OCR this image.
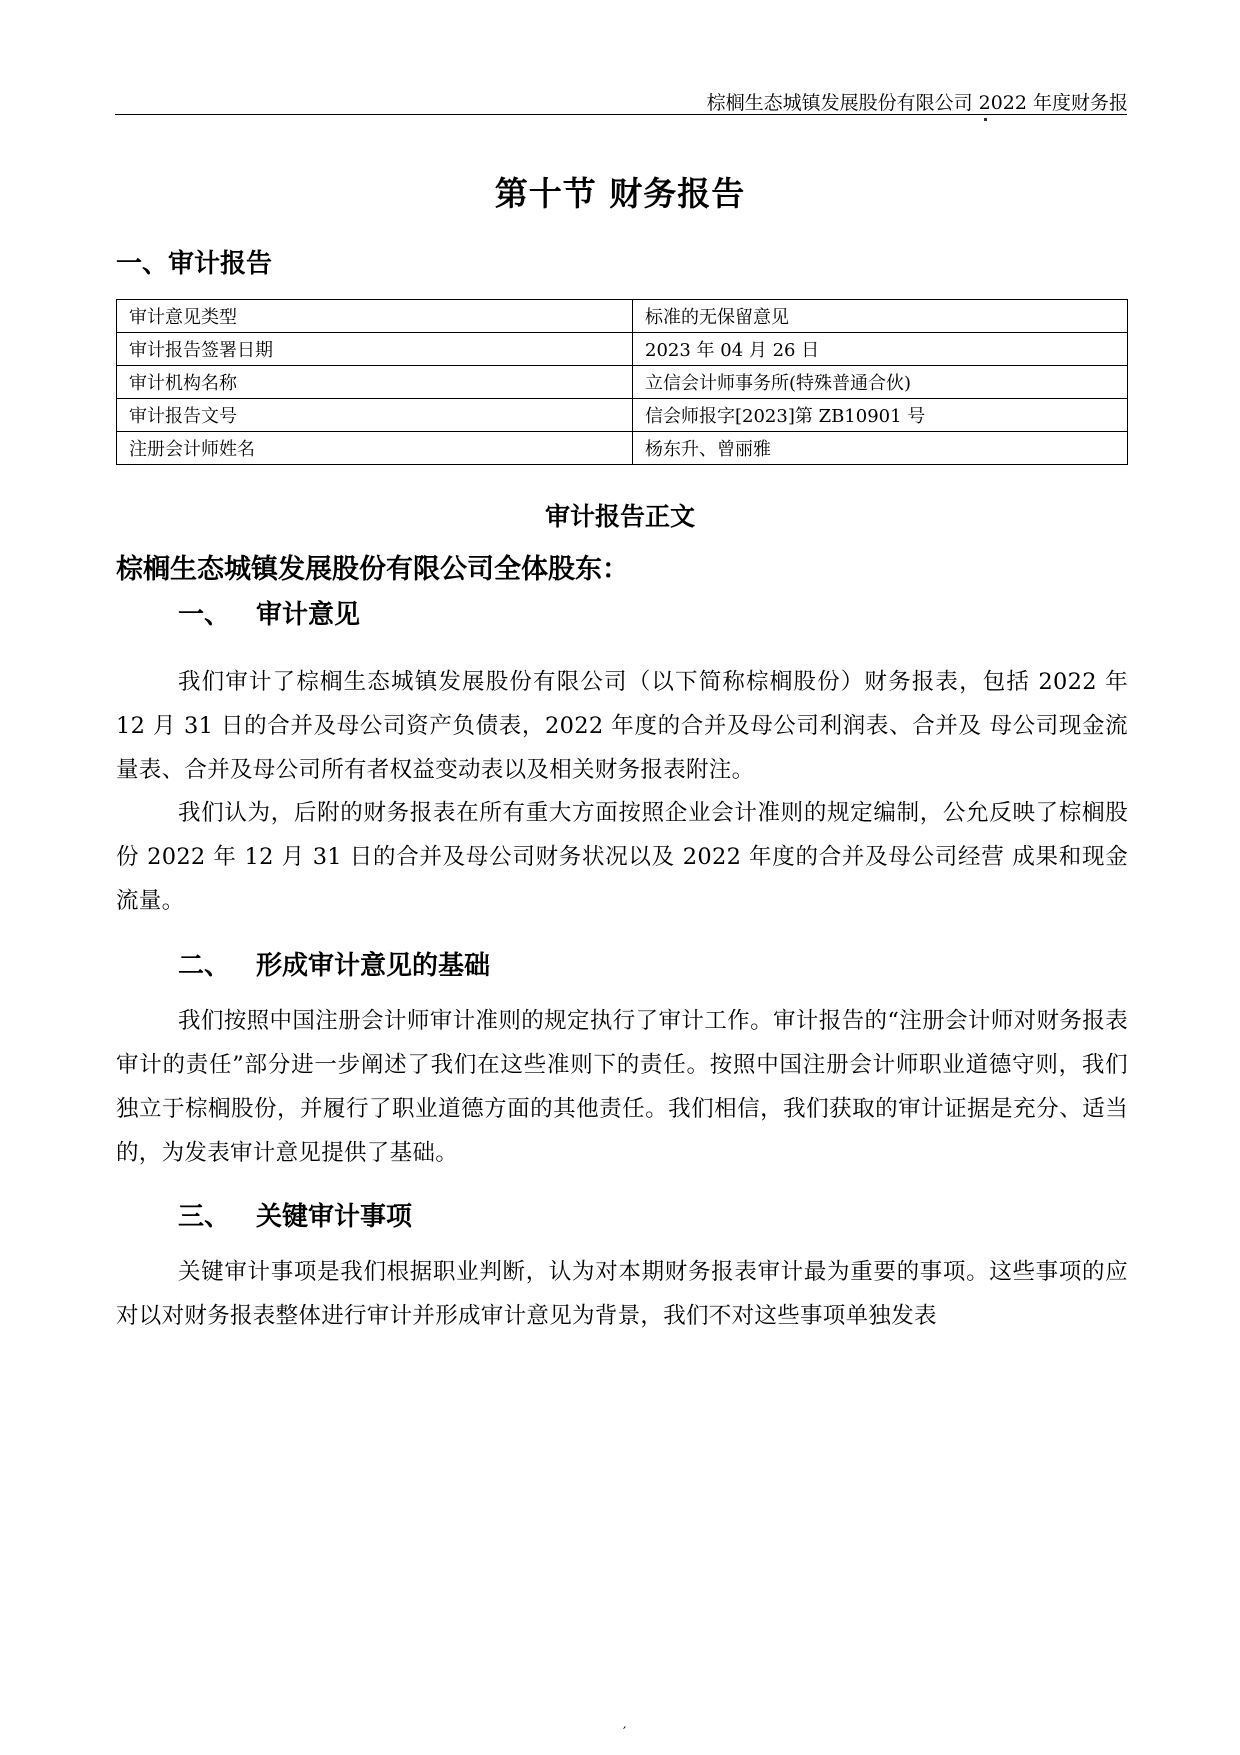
棕榈生态城镇发展股份有限公司 2022 年度财务报
第十节 财务报告
一、审计报告
审计意见类型	标准的无保留意见
审计报告签署日期	2023 年 04 月 26 日
审计机构名称	立信会计师事务所(特殊普通合伙)
审计报告文号	信会师报字[2023]第 ZB10901 号
注册会计师姓名	杨东升、曾丽雅
审计报告正文
棕榈生态城镇发展股份有限公司全体股东：
一、 审计意见
我们审计了棕榈生态城镇发展股份有限公司（以下简称棕榈股份）财务报表，包括 2022 年 12 月 31 日的合并及母公司资产负债表，2022 年度的合并及母公司利润表、合并及 母公司现金流量表、合并及母公司所有者权益变动表以及相关财务报表附注。
我们认为，后附的财务报表在所有重大方面按照企业会计准则的规定编制，公允反映了棕榈股份 2022 年 12 月 31 日的合并及母公司财务状况以及 2022 年度的合并及母公司经营 成果和现金流量。
二、 形成审计意见的基础
我们按照中国注册会计师审计准则的规定执行了审计工作。审计报告的“注册会计师对财务报表审计的责任”部分进一步阐述了我们在这些准则下的责任。按照中国注册会计师职业道德守则，我们独立于棕榈股份，并履行了职业道德方面的其他责任。我们相信，我们获取的审计证据是充分、适当的，为发表审计意见提供了基础。
三、 关键审计事项
关键审计事项是我们根据职业判断，认为对本期财务报表审计最为重要的事项。这些事项的应对以对财务报表整体进行审计并形成审计意见为背景，我们不对这些事项单独发表
′
